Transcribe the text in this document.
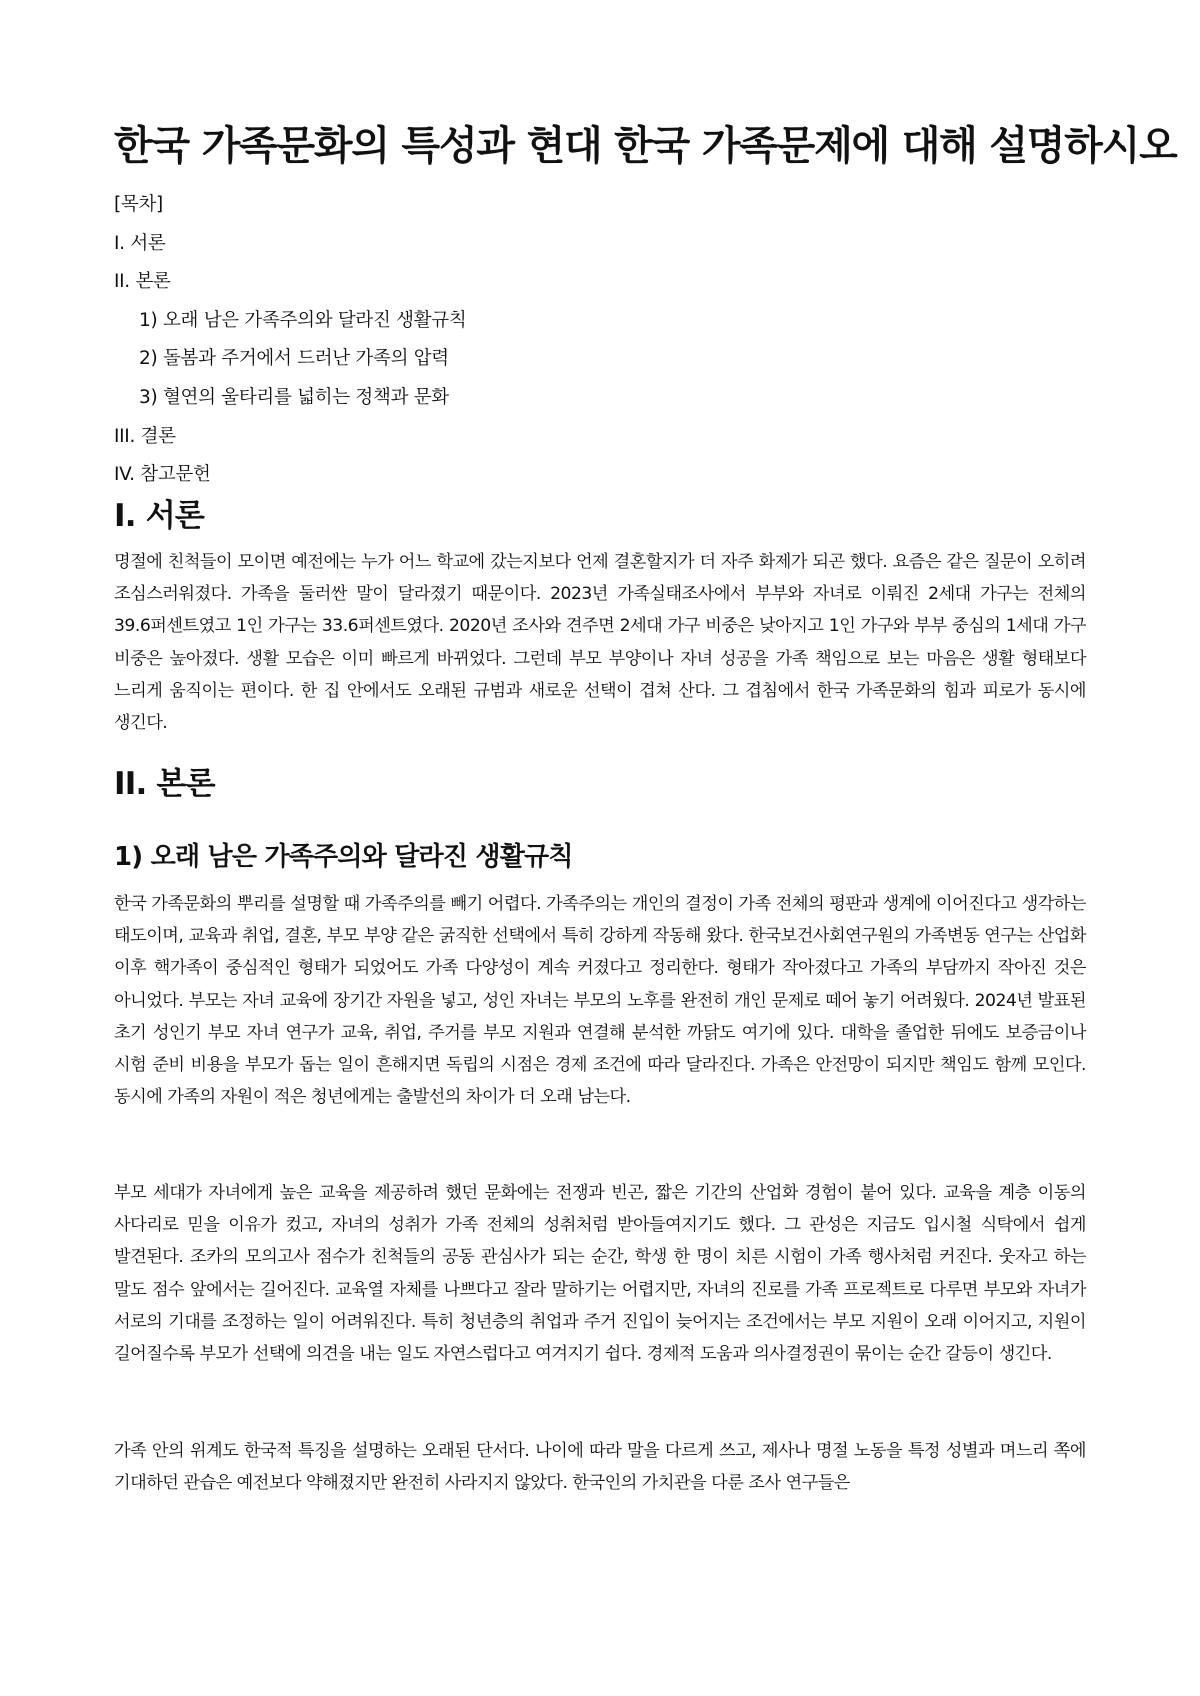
한국 가족문화의 특성과 현대 한국 가족문제에 대해 설명하시오
[목차]
I. 서론
II. 본론
1) 오래 남은 가족주의와 달라진 생활규칙
2) 돌봄과 주거에서 드러난 가족의 압력
3) 혈연의 울타리를 넓히는 정책과 문화
III. 결론
IV. 참고문헌
I. 서론

명절에 친척들이 모이면 예전에는 누가 어느 학교에 갔는지보다 언제 결혼할지가 더 자주 화제가 되곤 했다. 요즘은 같은 질문이 오히려 조심스러워졌다. 가족을 둘러싼 말이 달라졌기 때문이다. 2023년 가족실태조사에서 부부와 자녀로 이뤄진 2세대 가구는 전체의 39.6퍼센트였고 1인 가구는 33.6퍼센트였다. 2020년 조사와 견주면 2세대 가구 비중은 낮아지고 1인 가구와 부부 중심의 1세대 가구 비중은 높아졌다. 생활 모습은 이미 빠르게 바뀌었다. 그런데 부모 부양이나 자녀 성공을 가족 책임으로 보는 마음은 생활 형태보다 느리게 움직이는 편이다. 한 집 안에서도 오래된 규범과 새로운 선택이 겹쳐 산다. 그 겹침에서 한국 가족문화의 힘과 피로가 동시에 생긴다.

II. 본론
1) 오래 남은 가족주의와 달라진 생활규칙

한국 가족문화의 뿌리를 설명할 때 가족주의를 빼기 어렵다. 가족주의는 개인의 결정이 가족 전체의 평판과 생계에 이어진다고 생각하는 태도이며, 교육과 취업, 결혼, 부모 부양 같은 굵직한 선택에서 특히 강하게 작동해 왔다. 한국보건사회연구원의 가족변동 연구는 산업화 이후 핵가족이 중심적인 형태가 되었어도 가족 다양성이 계속 커졌다고 정리한다. 형태가 작아졌다고 가족의 부담까지 작아진 것은 아니었다. 부모는 자녀 교육에 장기간 자원을 넣고, 성인 자녀는 부모의 노후를 완전히 개인 문제로 떼어 놓기 어려웠다. 2024년 발표된 초기 성인기 부모 자녀 연구가 교육, 취업, 주거를 부모 지원과 연결해 분석한 까닭도 여기에 있다. 대학을 졸업한 뒤에도 보증금이나 시험 준비 비용을 부모가 돕는 일이 흔해지면 독립의 시점은 경제 조건에 따라 달라진다. 가족은 안전망이 되지만 책임도 함께 모인다. 동시에 가족의 자원이 적은 청년에게는 출발선의 차이가 더 오래 남는다.

부모 세대가 자녀에게 높은 교육을 제공하려 했던 문화에는 전쟁과 빈곤, 짧은 기간의 산업화 경험이 붙어 있다. 교육을 계층 이동의 사다리로 믿을 이유가 컸고, 자녀의 성취가 가족 전체의 성취처럼 받아들여지기도 했다. 그 관성은 지금도 입시철 식탁에서 쉽게 발견된다. 조카의 모의고사 점수가 친척들의 공동 관심사가 되는 순간, 학생 한 명이 치른 시험이 가족 행사처럼 커진다. 웃자고 하는 말도 점수 앞에서는 길어진다. 교육열 자체를 나쁘다고 잘라 말하기는 어렵지만, 자녀의 진로를 가족 프로젝트로 다루면 부모와 자녀가 서로의 기대를 조정하는 일이 어려워진다. 특히 청년층의 취업과 주거 진입이 늦어지는 조건에서는 부모 지원이 오래 이어지고, 지원이 길어질수록 부모가 선택에 의견을 내는 일도 자연스럽다고 여겨지기 쉽다. 경제적 도움과 의사결정권이 묶이는 순간 갈등이 생긴다.

가족 안의 위계도 한국적 특징을 설명하는 오래된 단서다. 나이에 따라 말을 다르게 쓰고, 제사나 명절 노동을 특정 성별과 며느리 쪽에 기대하던 관습은 예전보다 약해졌지만 완전히 사라지지 않았다. 한국인의 가치관을 다룬 조사 연구들은
